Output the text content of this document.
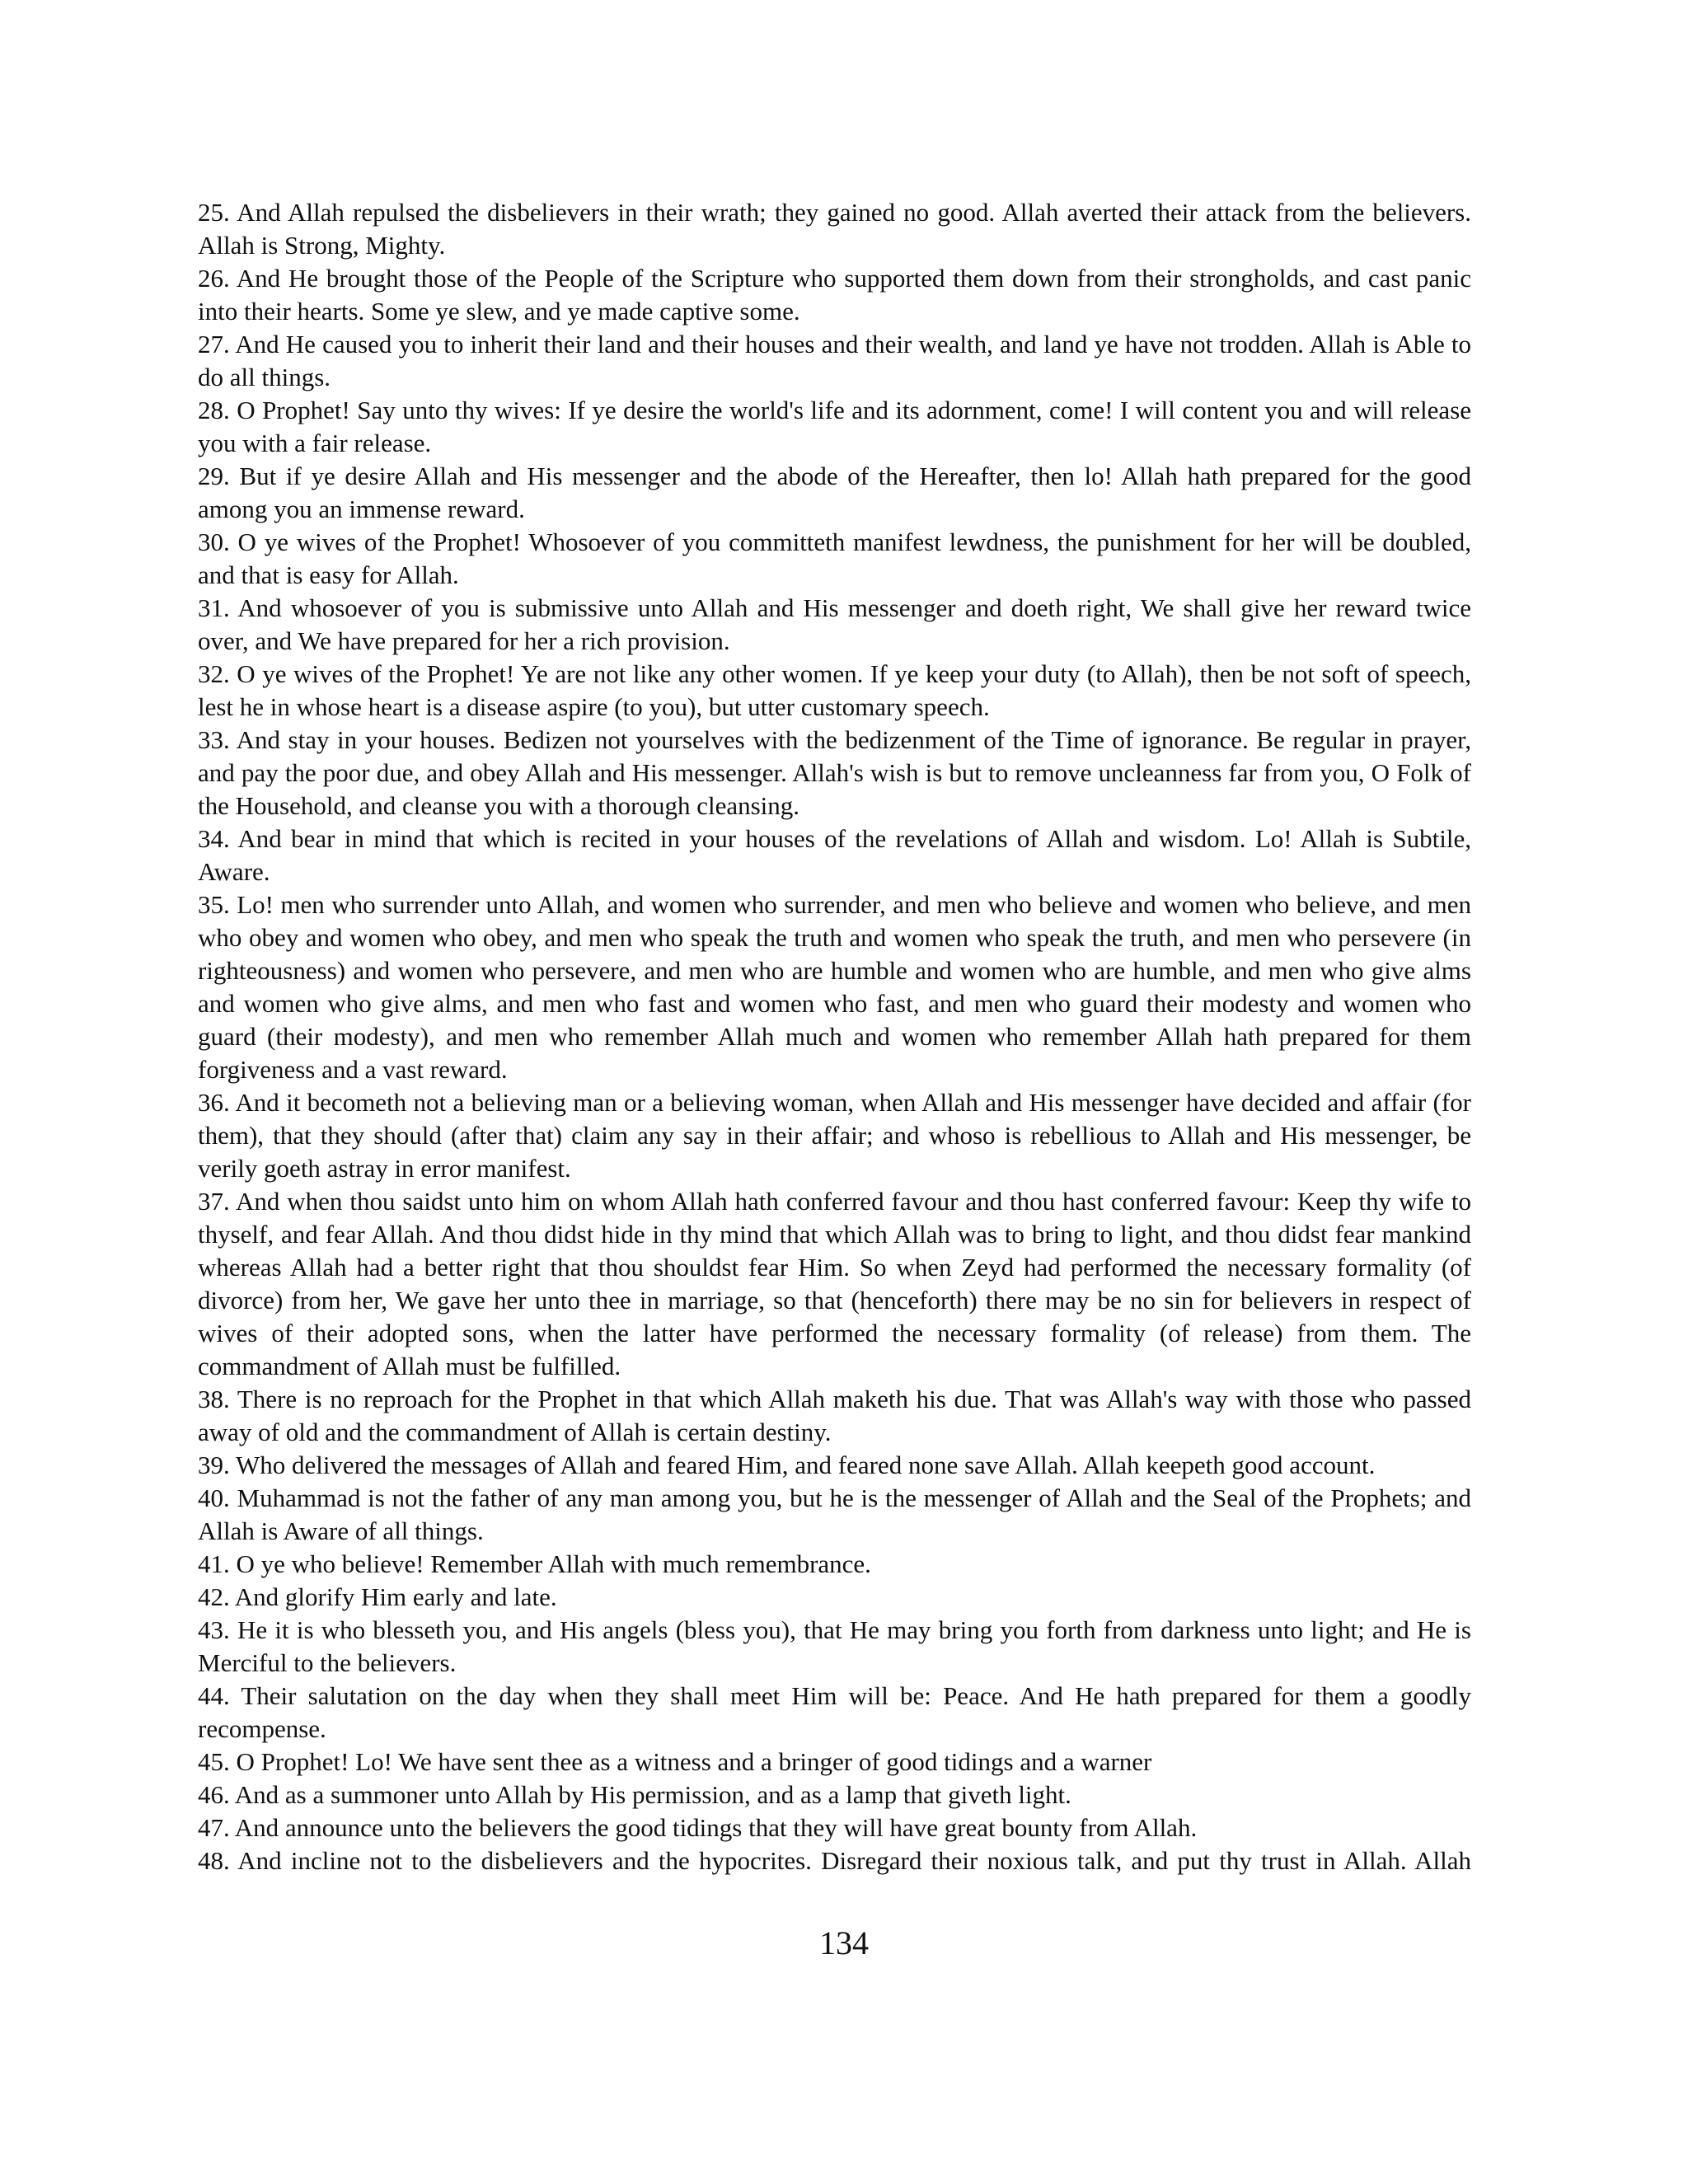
25. And Allah repulsed the disbelievers in their wrath; they gained no good. Allah averted their attack from the believers. Allah is Strong, Mighty.

26. And He brought those of the People of the Scripture who supported them down from their strongholds, and cast panic into their hearts. Some ye slew, and ye made captive some.

27. And He caused you to inherit their land and their houses and their wealth, and land ye have not trodden. Allah is Able to do all things.

28. O Prophet! Say unto thy wives: If ye desire the world's life and its adornment, come! I will content you and will release you with a fair release.

29. But if ye desire Allah and His messenger and the abode of the Hereafter, then lo! Allah hath prepared for the good among you an immense reward.

30. O ye wives of the Prophet! Whosoever of you committeth manifest lewdness, the punishment for her will be doubled, and that is easy for Allah.

31. And whosoever of you is submissive unto Allah and His messenger and doeth right, We shall give her reward twice over, and We have prepared for her a rich provision.

32. O ye wives of the Prophet! Ye are not like any other women. If ye keep your duty (to Allah), then be not soft of speech, lest he in whose heart is a disease aspire (to you), but utter customary speech.

33. And stay in your houses. Bedizen not yourselves with the bedizenment of the Time of ignorance. Be regular in prayer, and pay the poor due, and obey Allah and His messenger. Allah's wish is but to remove uncleanness far from you, O Folk of the Household, and cleanse you with a thorough cleansing.

34. And bear in mind that which is recited in your houses of the revelations of Allah and wisdom. Lo! Allah is Subtile, Aware.

35. Lo! men who surrender unto Allah, and women who surrender, and men who believe and women who believe, and men who obey and women who obey, and men who speak the truth and women who speak the truth, and men who persevere (in righteousness) and women who persevere, and men who are humble and women who are humble, and men who give alms and women who give alms, and men who fast and women who fast, and men who guard their modesty and women who guard (their modesty), and men who remember Allah much and women who remember Allah hath prepared for them forgiveness and a vast reward.

36. And it becometh not a believing man or a believing woman, when Allah and His messenger have decided and affair (for them), that they should (after that) claim any say in their affair; and whoso is rebellious to Allah and His messenger, be verily goeth astray in error manifest.

37. And when thou saidst unto him on whom Allah hath conferred favour and thou hast conferred favour: Keep thy wife to thyself, and fear Allah. And thou didst hide in thy mind that which Allah was to bring to light, and thou didst fear mankind whereas Allah had a better right that thou shouldst fear Him. So when Zeyd had performed the necessary formality (of divorce) from her, We gave her unto thee in marriage, so that (henceforth) there may be no sin for believers in respect of wives of their adopted sons, when the latter have performed the necessary formality (of release) from them. The commandment of Allah must be fulfilled.

38. There is no reproach for the Prophet in that which Allah maketh his due. That was Allah's way with those who passed away of old and the commandment of Allah is certain destiny.

39. Who delivered the messages of Allah and feared Him, and feared none save Allah. Allah keepeth good account.

40. Muhammad is not the father of any man among you, but he is the messenger of Allah and the Seal of the Prophets; and Allah is Aware of all things.

41. O ye who believe! Remember Allah with much remembrance.

42. And glorify Him early and late.

43. He it is who blesseth you, and His angels (bless you), that He may bring you forth from darkness unto light; and He is Merciful to the believers.

44. Their salutation on the day when they shall meet Him will be: Peace. And He hath prepared for them a goodly recompense.

45. O Prophet! Lo! We have sent thee as a witness and a bringer of good tidings and a warner

46. And as a summoner unto Allah by His permission, and as a lamp that giveth light.

47. And announce unto the believers the good tidings that they will have great bounty from Allah.

48. And incline not to the disbelievers and the hypocrites. Disregard their noxious talk, and put thy trust in Allah. Allah

134
